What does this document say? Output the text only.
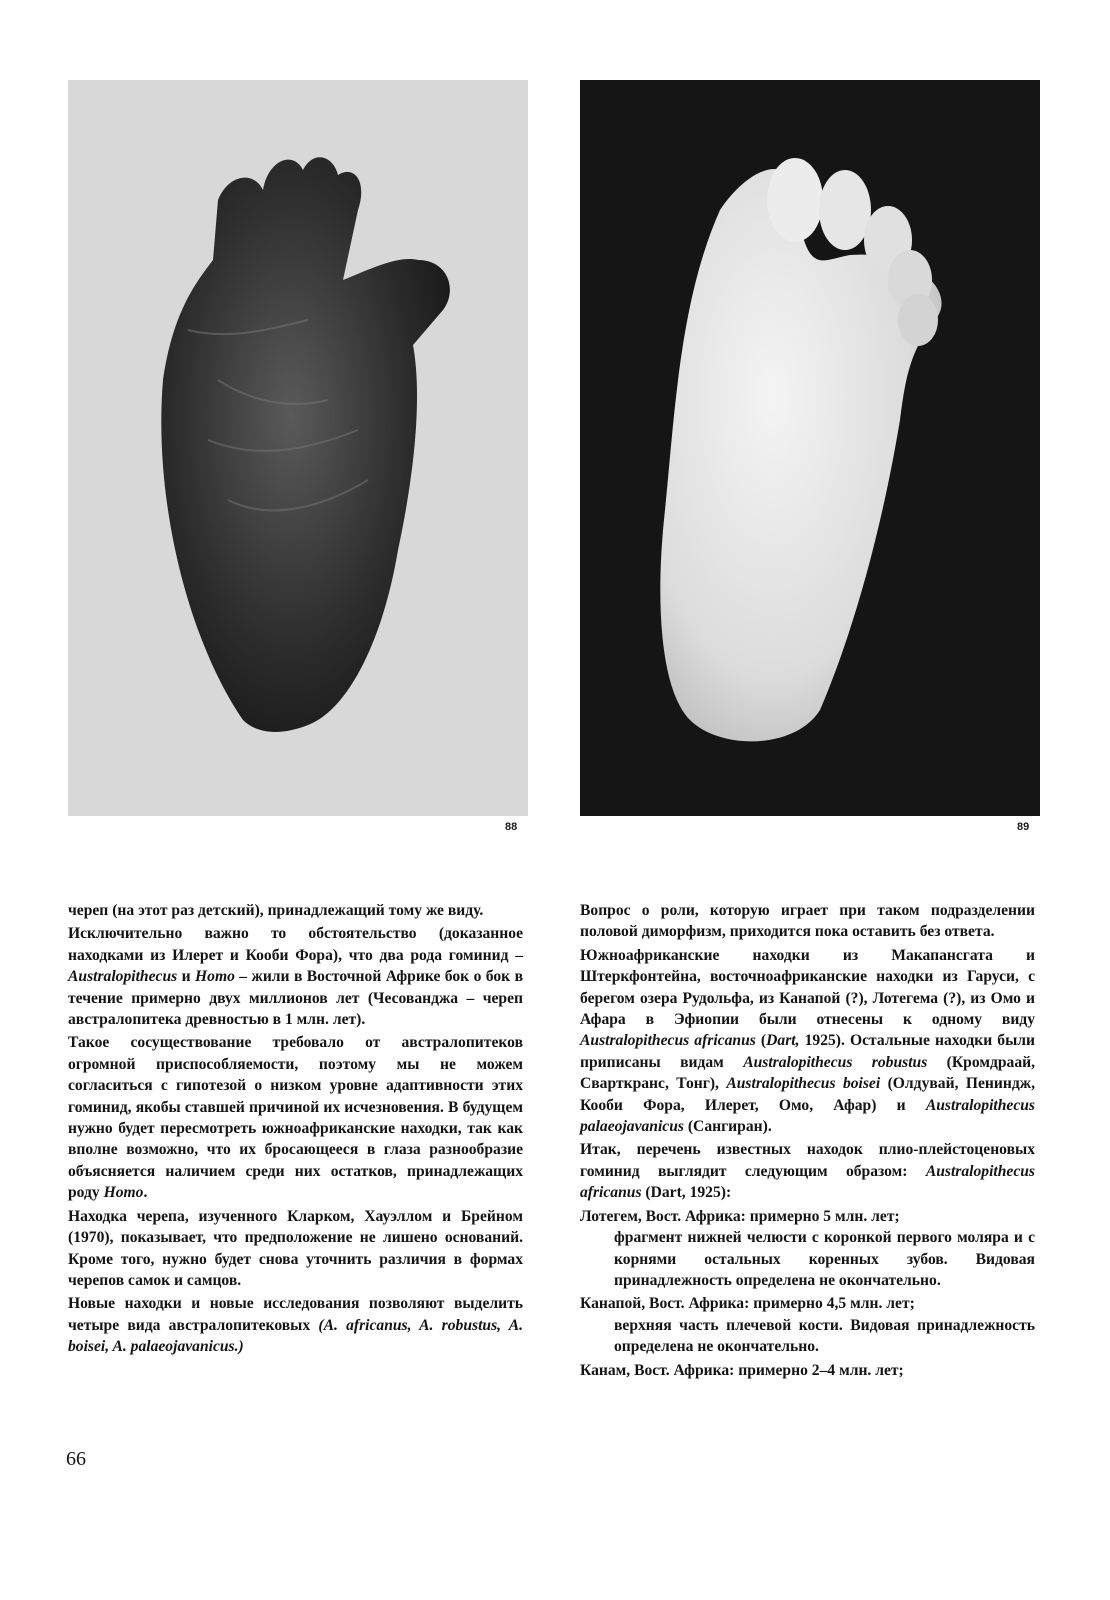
88	89

череп (на этот раз детский), принадлежащий тому же виду.

Исключительно важно то обстоятельство (доказанное находками из Илерет и Кооби Фора), что два рода гоминид – Australopithecus и Homo – жили в Восточной Африке бок о бок в течение примерно двух миллионов лет (Чесованджа – череп австралопитека древностью в 1 млн. лет).

Такое сосуществование требовало от австралопитеков огромной приспособляемости, поэтому мы не можем согласиться с гипотезой о низком уровне адаптивности этих гоминид, якобы ставшей причиной их исчезновения. В будущем нужно будет пересмотреть южноафриканские находки, так как вполне возможно, что их бросающееся в глаза разнообразие объясняется наличием среди них остатков, принадлежащих роду Homo.

Находка черепа, изученного Кларком, Хауэллом и Брейном (1970), показывает, что предположение не лишено оснований. Кроме того, нужно будет снова уточнить различия в формах черепов самок и самцов.

Новые находки и новые исследования позволяют выделить четыре вида австралопитековых (A. africanus, A. robustus, A. boisei, A. palaeojavanicus.)

Вопрос о роли, которую играет при таком подразделении половой диморфизм, приходится пока оставить без ответа.

Южноафриканские находки из Макапансгата и Штеркфонтейна, восточноафриканские находки из Гаруси, с берегом озера Рудольфа, из Канапой (?), Лотегема (?), из Омо и Афара в Эфиопии были отнесены к одному виду Australopithecus africanus (Dart, 1925). Остальные находки были приписаны видам Australopithecus robustus (Кромдраай, Сварткранс, Тонг), Australopithecus boisei (Олдувай, Пениндж, Кооби Фора, Илерет, Омо, Афар) и Australopithecus palaeojavanicus (Сангиран).

Итак, перечень известных находок плио-плейстоценовых гоминид выглядит следующим образом: Australopithecus africanus (Dart, 1925):

Лотегем, Вост. Африка: примерно 5 млн. лет;
фрагмент нижней челюсти с коронкой первого моляра и с корнями остальных коренных зубов. Видовая принадлежность определена не окончательно.
Канапой, Вост. Африка: примерно 4,5 млн. лет;
верхняя часть плечевой кости. Видовая принадлежность определена не окончательно.
Канам, Вост. Африка: примерно 2–4 млн. лет;
66
